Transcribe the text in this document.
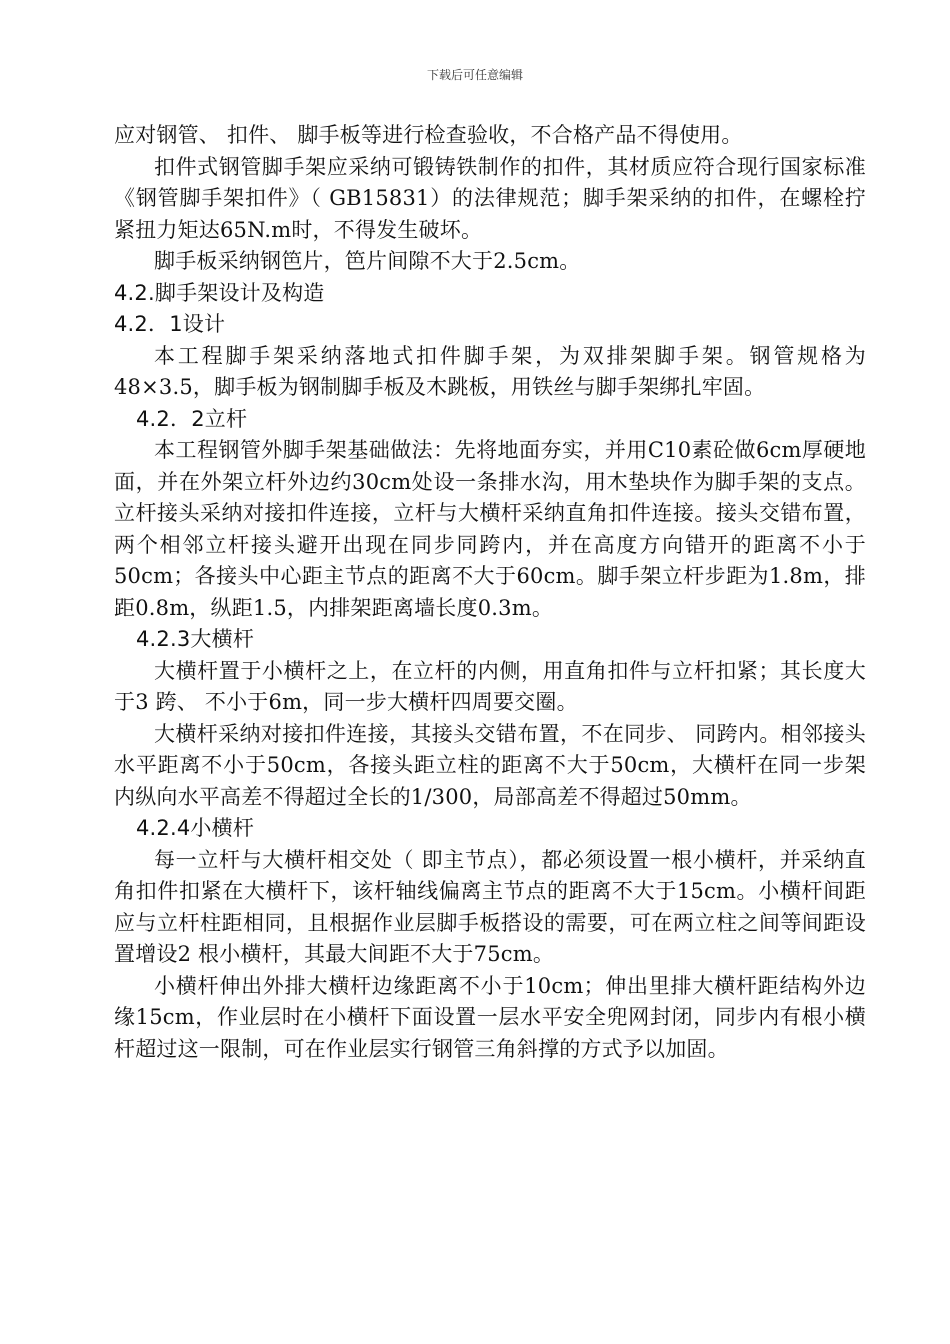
下载后可任意编辑

应对钢管、 扣件、 脚手板等进行检查验收，不合格产品不得使用。

扣件式钢管脚手架应采纳可锻铸铁制作的扣件，其材质应符合现行国家标准《钢管脚手架扣件》（ GB15831）的法律规范；脚手架采纳的扣件，在螺栓拧紧扭力矩达65N.m时，不得发生破坏。

脚手板采纳钢笆片，笆片间隙不大于2.5cm。

4.2.脚手架设计及构造

4.2．1设计

本工程脚手架采纳落地式扣件脚手架，为双排架脚手架。钢管规格为48×3.5，脚手板为钢制脚手板及木跳板，用铁丝与脚手架绑扎牢固。

4.2．2立杆

本工程钢管外脚手架基础做法：先将地面夯实，并用C10素砼做6cm厚硬地面，并在外架立杆外边约30cm处设一条排水沟，用木垫块作为脚手架的支点。立杆接头采纳对接扣件连接，立杆与大横杆采纳直角扣件连接。接头交错布置，两个相邻立杆接头避开出现在同步同跨内，并在高度方向错开的距离不小于50cm；各接头中心距主节点的距离不大于60cm。脚手架立杆步距为1.8m，排距0.8m，纵距1.5，内排架距离墙长度0.3m。

4.2.3大横杆

大横杆置于小横杆之上，在立杆的内侧，用直角扣件与立杆扣紧；其长度大于3 跨、 不小于6m，同一步大横杆四周要交圈。

大横杆采纳对接扣件连接，其接头交错布置，不在同步、 同跨内。相邻接头水平距离不小于50cm，各接头距立柱的距离不大于50cm，大横杆在同一步架内纵向水平高差不得超过全长的1/300，局部高差不得超过50mm。

4.2.4小横杆

每一立杆与大横杆相交处（ 即主节点），都必须设置一根小横杆，并采纳直角扣件扣紧在大横杆下，该杆轴线偏离主节点的距离不大于15cm。小横杆间距应与立杆柱距相同，且根据作业层脚手板搭设的需要，可在两立柱之间等间距设置增设2 根小横杆，其最大间距不大于75cm。

小横杆伸出外排大横杆边缘距离不小于10cm；伸出里排大横杆距结构外边缘15cm，作业层时在小横杆下面设置一层水平安全兜网封闭，同步内有根小横杆超过这一限制，可在作业层实行钢管三角斜撑的方式予以加固。
